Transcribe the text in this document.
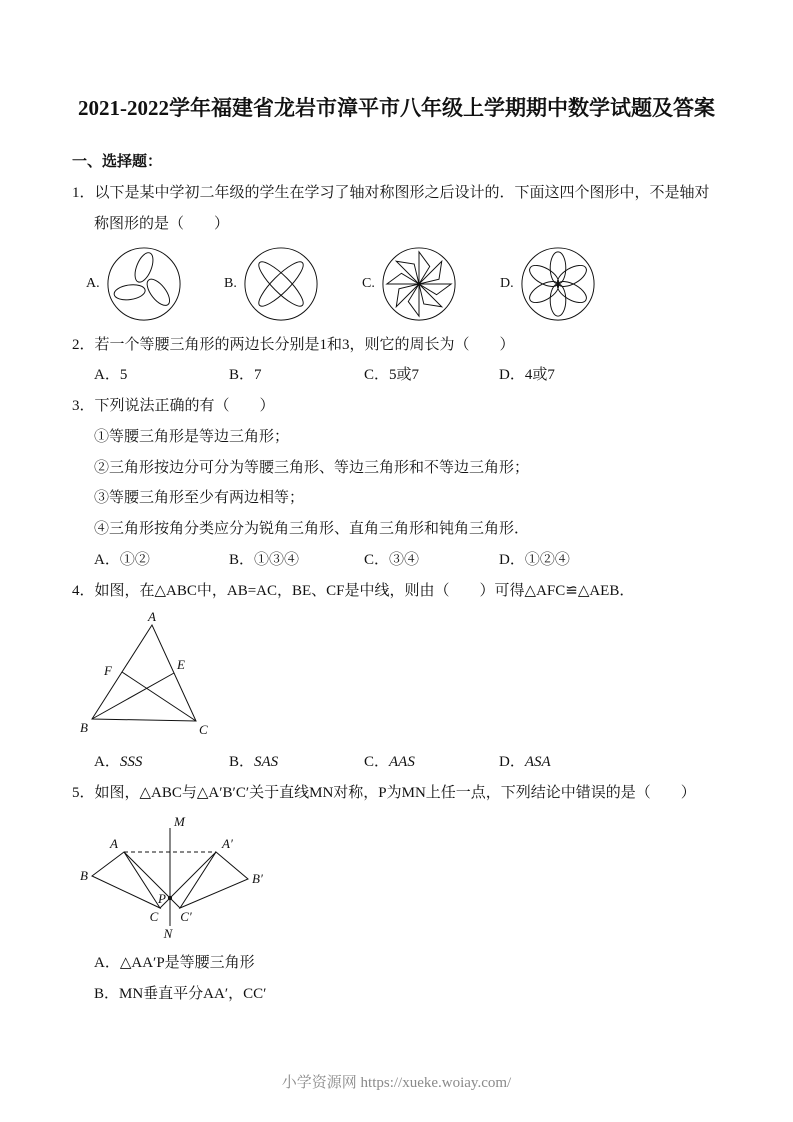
2021-2022学年福建省龙岩市漳平市八年级上学期期中数学试题及答案
一、选择题：

1．以下是某中学初二年级的学生在学习了轴对称图形之后设计的．下面这四个图形中，不是轴对称图形的是（　　）

A.	B.	C.	D.

2．若一个等腰三角形的两边长分别是1和3，则它的周长为（　　）

A．5	B．7	C．5或7	D．4或7

3．下列说法正确的有（　　）

①等腰三角形是等边三角形；

②三角形按边分可分为等腰三角形、等边三角形和不等边三角形；

③等腰三角形至少有两边相等；

④三角形按角分类应分为锐角三角形、直角三角形和钝角三角形．

A．①②	B．①③④	C．③④	D．①②④

4．如图，在△ABC中，AB=AC，BE、CF是中线，则由（　　）可得△AFC≌△AEB．

A
B	C
F	E
A．SSS	B．SAS	C．AAS	D．ASA

5．如图，△ABC与△A′B′C′关于直线MN对称，P为MN上任一点，下列结论中错误的是（　　）

M
N
A	A′
B	B′
C C′
P

A．△AA′P是等腰三角形

B．MN垂直平分AA′，CC′

小学资源网 https://xueke.woiay.com/
